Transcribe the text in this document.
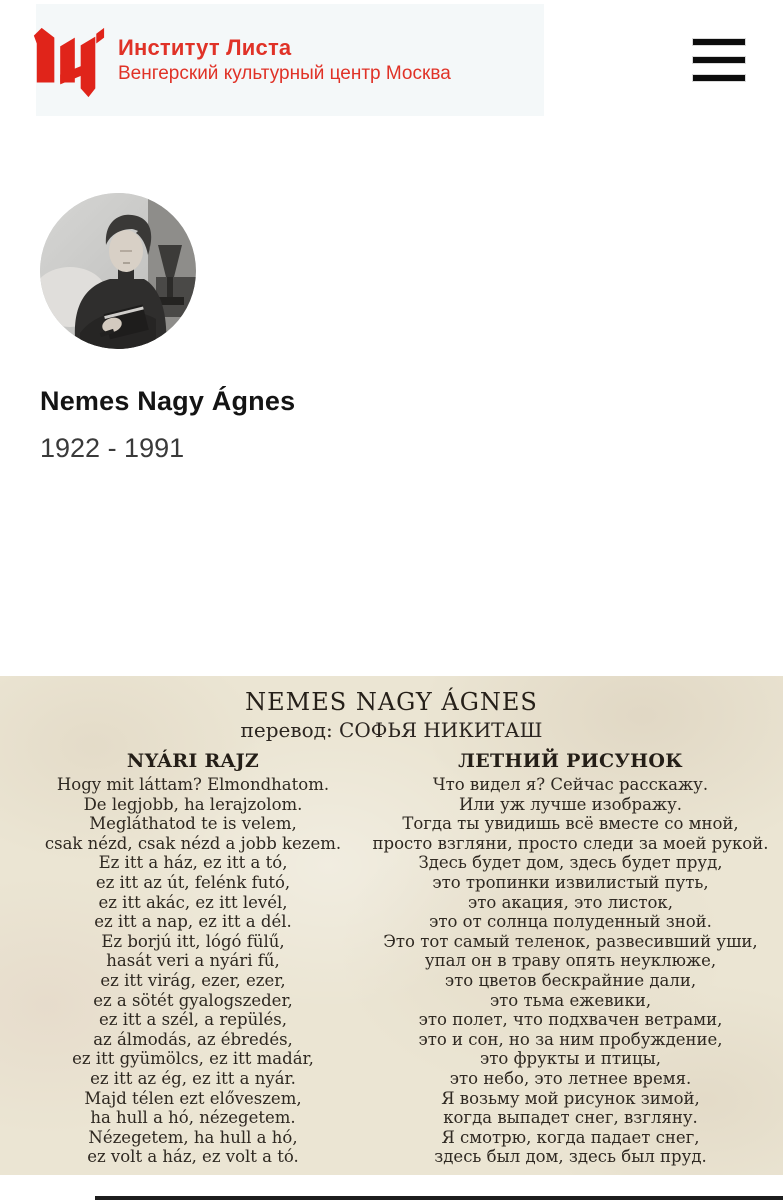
Институт Листа
Венгерский культурный центр Москва
Nemes Nagy Ágnes

1922 - 1991

NEMES NAGY ÁGNES

перевод: СОФЬЯ НИКИТАШ

NYÁRI RAJZ
Hogy mit láttam? Elmondhatom.
De legjobb, ha lerajzolom.
Megláthatod te is velem,
csak nézd, csak nézd a jobb kezem.
Ez itt a ház, ez itt a tó,
ez itt az út, felénk futó,
ez itt akác, ez itt levél,
ez itt a nap, ez itt a dél.
Ez borjú itt, lógó fülű,
hasát veri a nyári fű,
ez itt virág, ezer, ezer,
ez a sötét gyalogszeder,
ez itt a szél, a repülés,
az álmodás, az ébredés,
ez itt gyümölcs, ez itt madár,
ez itt az ég, ez itt a nyár.
Majd télen ezt előveszem,
ha hull a hó, nézegetem.
Nézegetem, ha hull a hó,
ez volt a ház, ez volt a tó.
ЛЕТНИЙ РИСУНОК
Что видел я? Сейчас расскажу.
Или уж лучше изображу.
Тогда ты увидишь всё вместе со мной,
просто взгляни, просто следи за моей рукой.
Здесь будет дом, здесь будет пруд,
это тропинки извилистый путь,
это акация, это листок,
это от солнца полуденный зной.
Это тот самый теленок, развесивший уши,
упал он в траву опять неуклюже,
это цветов бескрайние дали,
это тьма ежевики,
это полет, что подхвачен ветрами,
это и сон, но за ним пробуждение,
это фрукты и птицы,
это небо, это летнее время.
Я возьму мой рисунок зимой,
когда выпадет снег, взгляну.
Я смотрю, когда падает снег,
здесь был дом, здесь был пруд.
